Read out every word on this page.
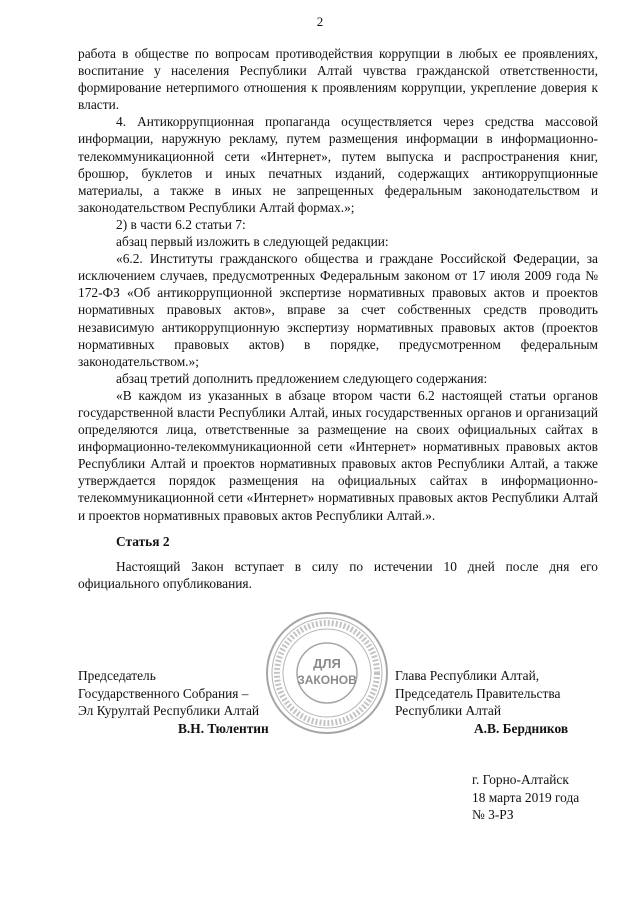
2

работа в обществе по вопросам противодействия коррупции в любых ее проявлениях, воспитание у населения Республики Алтай чувства гражданской ответственности, формирование нетерпимого отношения к проявлениям коррупции, укрепление доверия к власти.

4. Антикоррупционная пропаганда осуществляется через средства массовой информации, наружную рекламу, путем размещения информации в информационно-телекоммуникационной сети «Интернет», путем выпуска и распространения книг, брошюр, буклетов и иных печатных изданий, содержащих антикоррупционные материалы, а также в иных не запрещенных федеральным законодательством и законодательством Республики Алтай формах.»;

2) в части 6.2 статьи 7:

абзац первый изложить в следующей редакции:

«6.2. Институты гражданского общества и граждане Российской Федерации, за исключением случаев, предусмотренных Федеральным законом от 17 июля 2009 года № 172-ФЗ «Об антикоррупционной экспертизе нормативных правовых актов и проектов нормативных правовых актов», вправе за счет собственных средств проводить независимую антикоррупционную экспертизу нормативных правовых актов (проектов нормативных правовых актов) в порядке, предусмотренном федеральным законодательством.»;

абзац третий дополнить предложением следующего содержания:

«В каждом из указанных в абзаце втором части 6.2 настоящей статьи органов государственной власти Республики Алтай, иных государственных органов и организаций определяются лица, ответственные за размещение на своих официальных сайтах в информационно-телекоммуникационной сети «Интернет» нормативных правовых актов Республики Алтай и проектов нормативных правовых актов Республики Алтай, а также утверждается порядок размещения на официальных сайтах в информационно-телекоммуникационной сети «Интернет» нормативных правовых актов Республики Алтай и проектов нормативных правовых актов Республики Алтай.».

Статья 2

Настоящий Закон вступает в силу по истечении 10 дней после дня его официального опубликования.

ДЛЯ
ЗАКОНОВ
Председатель
Государственного Собрания –
Эл Курултай Республики Алтай
В.Н. Тюлентин
Глава Республики Алтай,
Председатель Правительства
Республики Алтай
А.В. Бердников
г. Горно-Алтайск
18 марта 2019 года
№ 3-РЗ
